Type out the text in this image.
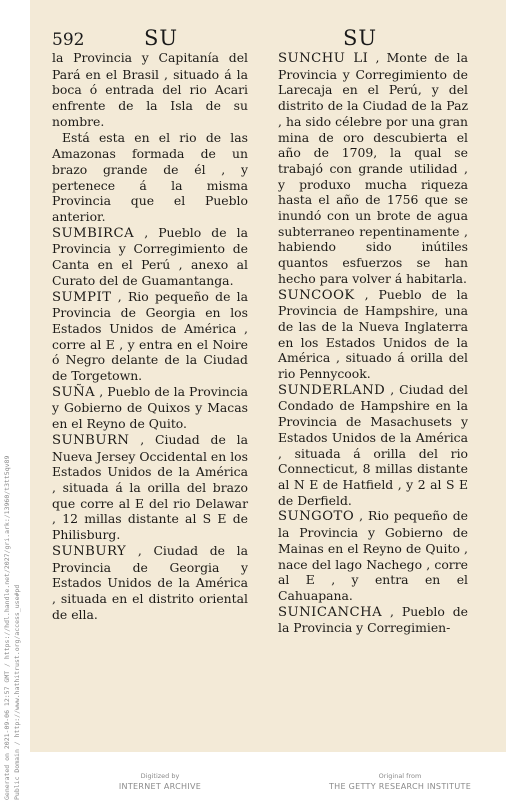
Generated on 2021-09-06 12:57 GMT / https://hdl.handle.net/2027/gri.ark:/13960/t3tt5qv89 Public Domain / http://www.hathitrust.org/access_use#pd
592	SU	SU

la Provincia y Capitanía del Pará en el Brasil , situado á la boca ó entrada del rio Acari enfrente de la Isla de su nombre.

Está esta en el rio de las Amazonas formada de un brazo grande de él , y pertenece á la misma Provincia que el Pueblo anterior.

SUMBIRCA , Pueblo de la Provincia y Corregimiento de Canta en el Perú , anexo al Curato del de Guamantanga.

SUMPIT , Rio pequeño de la Provincia de Georgia en los Estados Unidos de América , corre al E , y entra en el Noire ó Negro delante de la Ciudad de Torgetown.

SUÑA , Pueblo de la Provincia y Gobierno de Quixos y Macas en el Reyno de Quito.

SUNBURN , Ciudad de la Nueva Jersey Occidental en los Estados Unidos de la América , situada á la orilla del brazo que corre al E del rio Delawar , 12 millas distante al S E de Philisburg.

SUNBURY , Ciudad de la Provincia de Georgia y Estados Unidos de la América , situada en el distrito oriental de ella.

SUNCHU LI , Monte de la Provincia y Corregimiento de Larecaja en el Perú, y del distrito de la Ciudad de la Paz , ha sido célebre por una gran mina de oro descubierta el año de 1709, la qual se trabajó con grande utilidad , y produxo mucha riqueza hasta el año de 1756 que se inundó con un brote de agua subterraneo repentinamente , habiendo sido inútiles quantos esfuerzos se han hecho para volver á habitarla.

SUNCOOK , Pueblo de la Provincia de Hampshire, una de las de la Nueva Inglaterra en los Estados Unidos de la América , situado á orilla del rio Pennycook.

SUNDERLAND , Ciudad del Condado de Hampshire en la Provincia de Masachusets y Estados Unidos de la América , situada á orilla del rio Connecticut, 8 millas distante al N E de Hatfield , y 2 al S E de Derfield.

SUNGOTO , Rio pequeño de la Provincia y Gobierno de Mainas en el Reyno de Quito , nace del lago Nachego , corre al E , y entra en el Cahuapana.

SUNICANCHA , Pueblo de la Provincia y Corregimien-

Digitized by
INTERNET ARCHIVE
Original from
THE GETTY RESEARCH INSTITUTE
